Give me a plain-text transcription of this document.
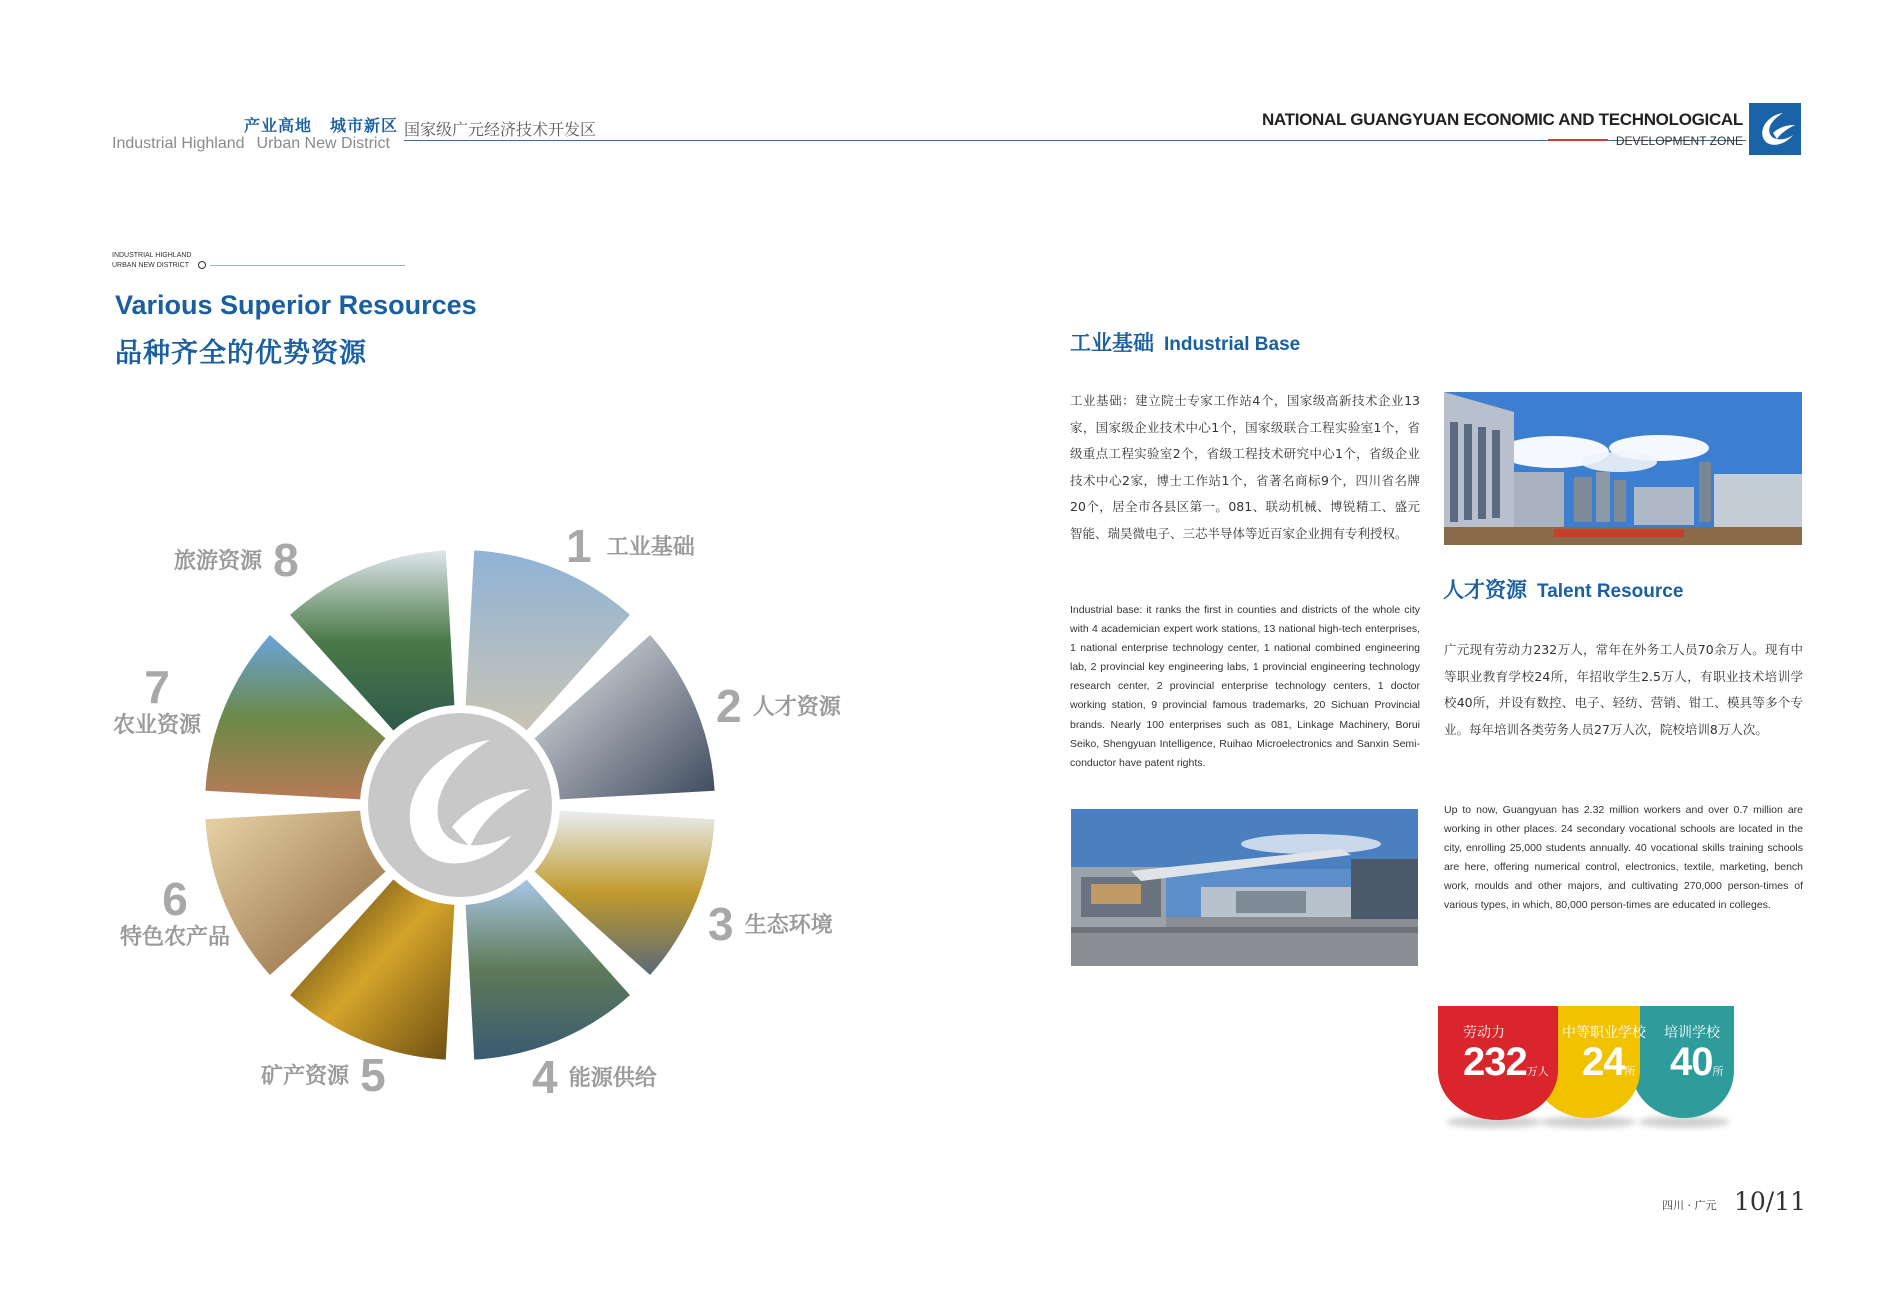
产业高地 城市新区
Industrial Highland Urban New District
国家级广元经济技术开发区
NATIONAL GUANGYUAN ECONOMIC AND TECHNOLOGICAL
DEVELOPMENT ZONE
INDUSTRIAL HIGHLAND
URBAN NEW DISTRICT
Various Superior Resources
品种齐全的优势资源
1 工业基础
2 人才资源
3 生态环境
4 能源供给
矿产资源 5
6
特色农产品
7
农业资源
旅游资源 8
工业基础 Industrial Base
工业基础：建立院士专家工作站4个，国家级高新技术企业13家，国家级企业技术中心1个，国家级联合工程实验室1个，省级重点工程实验室2个，省级工程技术研究中心1个，省级企业技术中心2家，博士工作站1个，省著名商标9个，四川省名牌20个，居全市各县区第一。081、联动机械、博锐精工、盛元智能、瑞昊微电子、三芯半导体等近百家企业拥有专利授权。
Industrial base: it ranks the first in counties and districts of the whole city with 4 academician expert work stations, 13 national high-tech enterprises, 1 national enterprise technology center, 1 national combined engineering lab, 2 provincial key engineering labs, 1 provincial engineering technology research center, 2 provincial enterprise technology centers, 1 doctor working station, 9 provincial famous trademarks, 20 Sichuan Provincial brands. Nearly 100 enterprises such as 081, Linkage Machinery, Borui Seiko, Shengyuan Intelligence, Ruihao Microelectronics and Sanxin Semi-conductor have patent rights.
人才资源 Talent Resource
广元现有劳动力232万人，常年在外务工人员70余万人。现有中等职业教育学校24所，年招收学生2.5万人，有职业技术培训学校40所，并设有数控、电子、轻纺、营销、钳工、模具等多个专业。每年培训各类劳务人员27万人次，院校培训8万人次。
Up to now, Guangyuan has 2.32 million workers and over 0.7 million are working in other places. 24 secondary vocational schools are located in the city, enrolling 25,000 students annually. 40 vocational skills training schools are here, offering numerical control, electronics, textile, marketing, bench work, moulds and other majors, and cultivating 270,000 person-times of various types, in which, 80,000 person-times are educated in colleges.
劳动力
232万人
中等职业学校
24所
培训学校
40所
四川 · 广元 10/11
